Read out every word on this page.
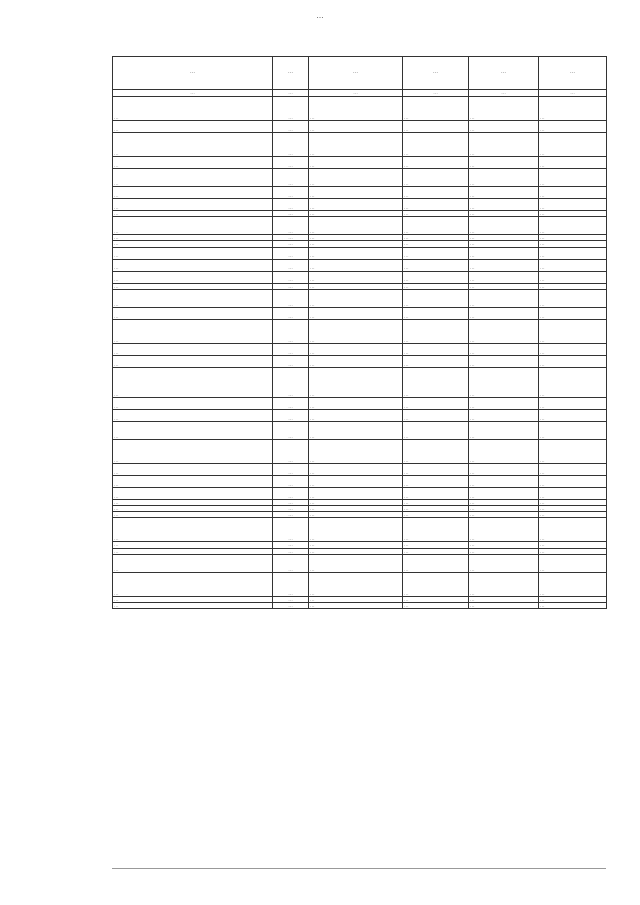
…
…	…	…	…	…	…
…	…	…	…	…	…
…	…	…	…	…	…
…	…	…	…	…	…
…	…	…	…	…	…
…	…	…	…	…	…
…	…	…	…	…	…
…	…	…	…	…	…
…	…	…	…	…	…
…	…	…	…	…	…
…	…	…	…	…	…
…	…	…	…	…	…
…	…	…	…	…	…
…	…	…	…	…	…
…	…	…	…	…	…
…	…	…	…	…	…
…	…	…	…	…	…
…	…	…	…	…	…
…	…	…	…	…	…
…	…	…	…	…	…
…	…	…	…	…	…
…	…	…	…	…	…
…	…	…	…	…	…
…	…	…	…	…	…
…	…	…	…	…	…
…	…	…	…	…	…
…	…	…	…	…	…
…	…	…	…	…	…
…	…	…	…	…	…
…	…	…	…	…	…
…	…	…	…	…	…
…	…	…	…	…	…
…	…	…	…	…	…
…	…	…	…	…	…
…	…	…	…	…	…
…	…	…	…	…	…
…	…	…	…	…	…
…	…	…	…	…	…
…	…	…	…	…	…
…	…	…	…	…	…
